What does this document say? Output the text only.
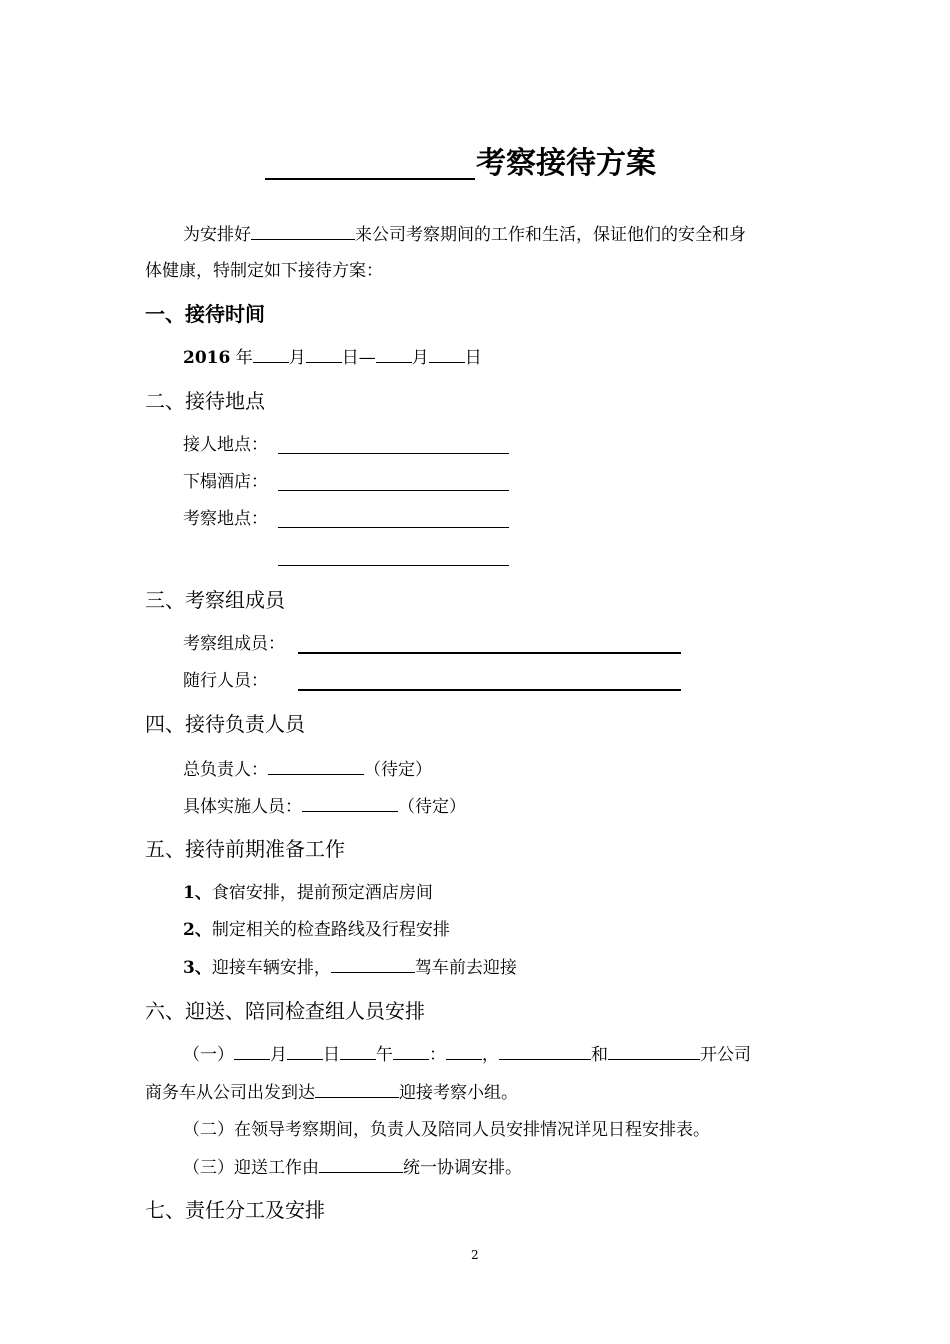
考察接待方案
为安排好	来公司考察期间的工作和生活，保证他们的安全和身
体健康，特制定如下接待方案：
一、接待时间
2016 年 月 日— 月 日
二、接待地点
接人地点：
下榻酒店：
考察地点：
三、考察组成员
考察组成员：
随行人员：
四、接待负责人员
总负责人：	（待定）
具体实施人员：	（待定）
五、接待前期准备工作
1、食宿安排，提前预定酒店房间
2、制定相关的检查路线及行程安排
3、迎接车辆安排，	驾车前去迎接
六、迎送、陪同检查组人员安排
（一） 月 日 午 ： ，	和	开公司
商务车从公司出发到达	迎接考察小组。
（二）在领导考察期间，负责人及陪同人员安排情况详见日程安排表。
（三）迎送工作由	统一协调安排。
七、责任分工及安排
2
